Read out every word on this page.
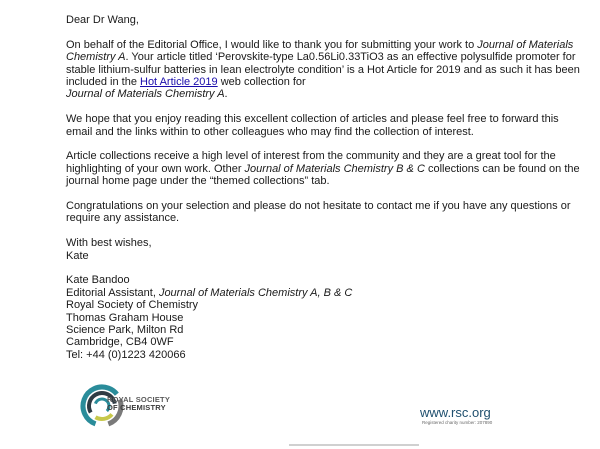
Dear Dr Wang,

On behalf of the Editorial Office, I would like to thank you for submitting your work to Journal of Materials Chemistry A. Your article titled ‘Perovskite-type La0.56Li0.33TiO3 as an effective polysulfide promoter for stable lithium-sulfur batteries in lean electrolyte condition’ is a Hot Article for 2019 and as such it has been included in the Hot Article 2019 web collection for
Journal of Materials Chemistry A.

We hope that you enjoy reading this excellent collection of articles and please feel free to forward this email and the links within to other colleagues who may find the collection of interest.

Article collections receive a high level of interest from the community and they are a great tool for the highlighting of your own work. Other Journal of Materials Chemistry B & C collections can be found on the journal home page under the “themed collections” tab.

Congratulations on your selection and please do not hesitate to contact me if you have any questions or require any assistance.

With best wishes,
Kate

Kate Bandoo
Editorial Assistant, Journal of Materials Chemistry A, B & C
Royal Society of Chemistry
Thomas Graham House
Science Park, Milton Rd
Cambridge, CB4 0WF
Tel: +44 (0)1223 420066

ROYAL SOCIETY
OF CHEMISTRY	www.rsc.org
Registered charity number: 207890
